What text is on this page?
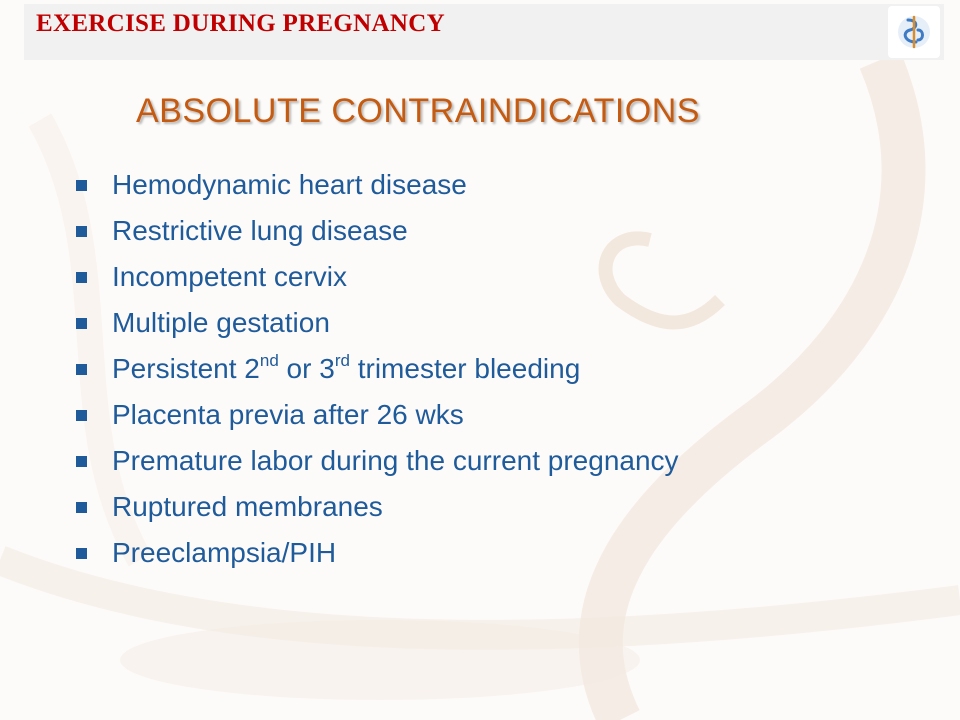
EXERCISE DURING PREGNANCY
ABSOLUTE CONTRAINDICATIONS
Hemodynamic heart disease
Restrictive lung disease
Incompetent cervix
Multiple gestation
Persistent 2nd or 3rd trimester bleeding
Placenta previa after 26 wks
Premature labor during the current pregnancy
Ruptured membranes
Preeclampsia/PIH
